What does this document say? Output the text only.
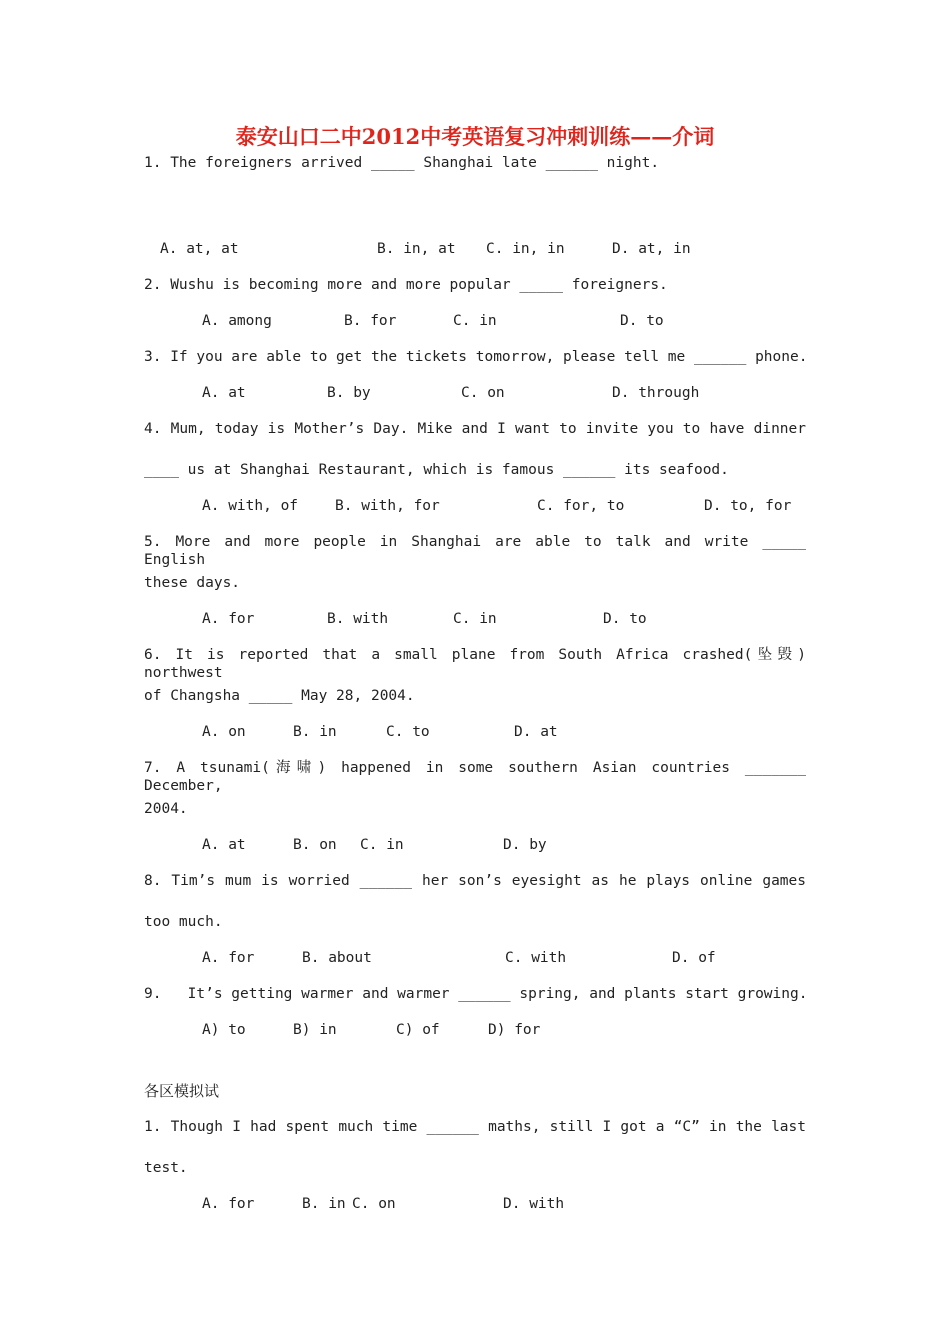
泰安山口二中2012中考英语复习冲刺训练——介词
1. The foreigners arrived _____ Shanghai late ______ night.
A. at, at	B. in, at C. in, in	D. at, in
2. Wushu is becoming more and more popular _____ foreigners.
A. among	B. for	C. in	D. to
3. If you are able to get the tickets tomorrow, please tell me ______ phone.
A. at	B. by	C. on	D. through
4. Mum, today is Mother’s Day. Mike and I want to invite you to have dinner
____ us at Shanghai Restaurant, which is famous ______ its seafood.
A. with, of	B. with, for	C. for, to	D. to, for
5. More and more people in Shanghai are able to talk and write _____ English
these days.
A. for	B. with	C. in	D. to
6. It is reported that a small plane from South Africa crashed(坠毁) northwest
of Changsha _____ May 28, 2004.
A. on	B. in	C. to	D. at
7. A tsunami(海啸) happened in some southern Asian countries _______ December,
2004.
A. at	B. on C. in	D. by
8. Tim’s mum is worried ______ her son’s eyesight as he plays online games
too much.
A. for	B. about	C. with	D. of
9.   It’s getting warmer and warmer ______ spring, and plants start growing.
A) to	B) in	C) of	D) for
各区模拟试
1. Though I had spent much time ______ maths, still I got a “C” in the last
test.
A. for	B. in C. on	D. with
